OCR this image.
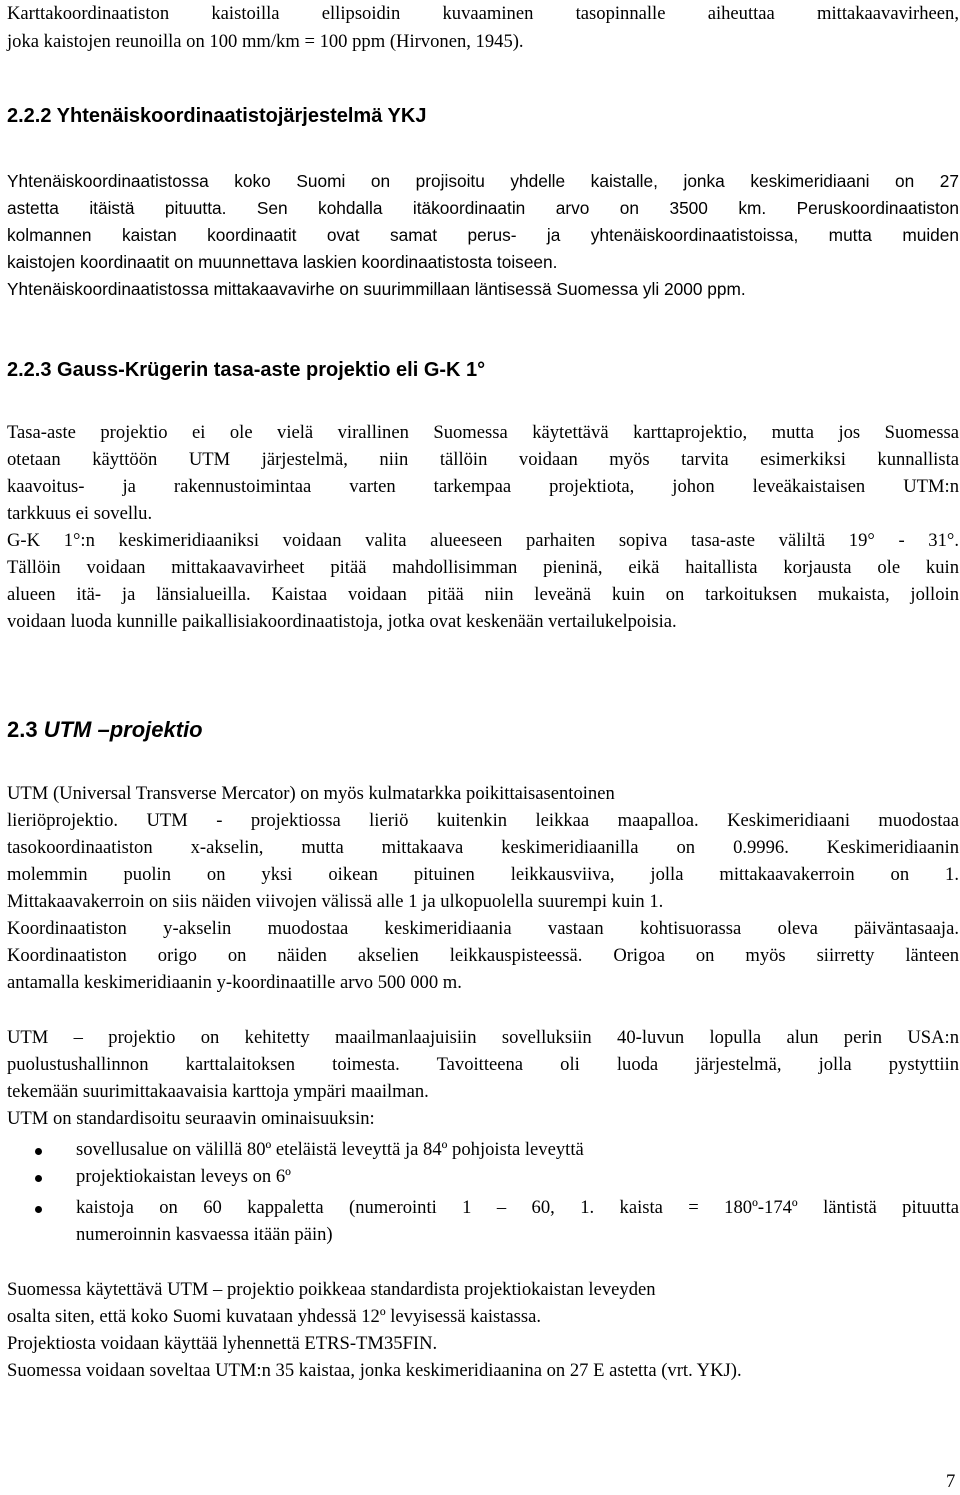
Karttakoordinaatiston kaistoilla ellipsoidin kuvaaminen tasopinnalle aiheuttaa mittakaavavirheen,

joka kaistojen reunoilla on 100 mm/km = 100 ppm (Hirvonen, 1945).

2.2.2 Yhtenäiskoordinaatistojärjestelmä YKJ

Yhtenäiskoordinaatistossa koko Suomi on projisoitu yhdelle kaistalle, jonka keskimeridiaani on 27

astetta itäistä pituutta. Sen kohdalla itäkoordinaatin arvo on 3500 km. Peruskoordinaatiston

kolmannen kaistan koordinaatit ovat samat perus- ja yhtenäiskoordinaatistoissa, mutta muiden

kaistojen koordinaatit on muunnettava laskien koordinaatistosta toiseen.

Yhtenäiskoordinaatistossa mittakaavavirhe on suurimmillaan läntisessä Suomessa yli 2000 ppm.

2.2.3 Gauss-Krügerin tasa-aste projektio eli G-K 1°

Tasa-aste projektio ei ole vielä virallinen Suomessa käytettävä karttaprojektio, mutta jos Suomessa

otetaan käyttöön UTM järjestelmä, niin tällöin voidaan myös tarvita esimerkiksi kunnallista

kaavoitus- ja rakennustoimintaa varten tarkempaa projektiota, johon leveäkaistaisen UTM:n

tarkkuus ei sovellu.

G-K 1°:n keskimeridiaaniksi voidaan valita alueeseen parhaiten sopiva tasa-aste väliltä 19° - 31°.

Tällöin voidaan mittakaavavirheet pitää mahdollisimman pieninä, eikä haitallista korjausta ole kuin

alueen itä- ja länsialueilla. Kaistaa voidaan pitää niin leveänä kuin on tarkoituksen mukaista, jolloin

voidaan luoda kunnille paikallisiakoordinaatistoja, jotka ovat keskenään vertailukelpoisia.

2.3 UTM –projektio

UTM (Universal Transverse Mercator) on myös kulmatarkka poikittaisasentoinen

lieriöprojektio. UTM - projektiossa lieriö kuitenkin leikkaa maapalloa. Keskimeridiaani muodostaa

tasokoordinaatiston x-akselin, mutta mittakaava keskimeridiaanilla on 0.9996. Keskimeridiaanin

molemmin puolin on yksi oikean pituinen leikkausviiva, jolla mittakaavakerroin on 1.

Mittakaavakerroin on siis näiden viivojen välissä alle 1 ja ulkopuolella suurempi kuin 1.

Koordinaatiston y-akselin muodostaa keskimeridiaania vastaan kohtisuorassa oleva päiväntasaaja.

Koordinaatiston origo on näiden akselien leikkauspisteessä. Origoa on myös siirretty länteen

antamalla keskimeridiaanin y-koordinaatille arvo 500 000 m.

UTM – projektio on kehitetty maailmanlaajuisiin sovelluksiin 40-luvun lopulla alun perin USA:n

puolustushallinnon karttalaitoksen toimesta. Tavoitteena oli luoda järjestelmä, jolla pystyttiin

tekemään suurimittakaavaisia karttoja ympäri maailman.

UTM on standardisoitu seuraavin ominaisuuksin:

sovellusalue on välillä 80º eteläistä leveyttä ja 84º pohjoista leveyttä

projektiokaistan leveys on 6º

kaistoja on 60 kappaletta (numerointi 1 – 60, 1. kaista = 180º-174º läntistä pituutta

numeroinnin kasvaessa itään päin)

Suomessa käytettävä UTM – projektio poikkeaa standardista projektiokaistan leveyden

osalta siten, että koko Suomi kuvataan yhdessä 12º levyisessä kaistassa.

Projektiosta voidaan käyttää lyhennettä ETRS-TM35FIN.

Suomessa voidaan soveltaa UTM:n 35 kaistaa, jonka keskimeridiaanina on 27 E astetta (vrt. YKJ).

7
